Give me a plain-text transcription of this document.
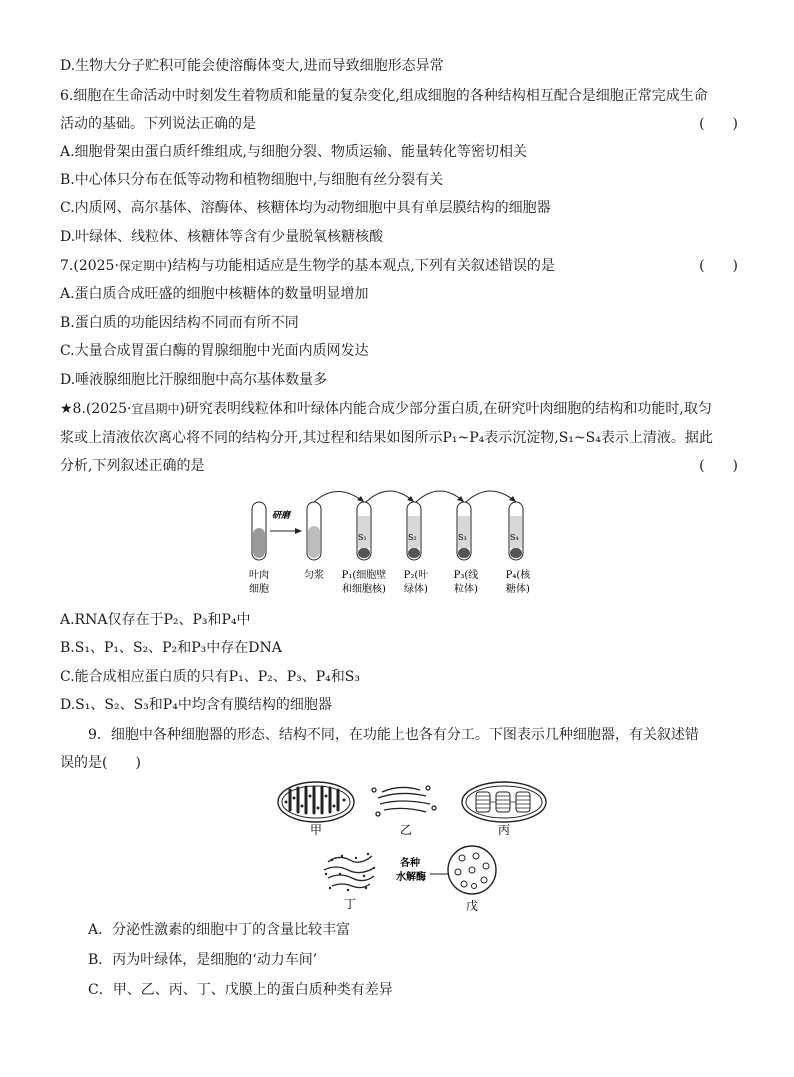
D.生物大分子贮积可能会使溶酶体变大,进而导致细胞形态异常
6.细胞在生命活动中时刻发生着物质和能量的复杂变化,组成细胞的各种结构相互配合是细胞正常完成生命
活动的基础。下列说法正确的是	(　　)
A.细胞骨架由蛋白质纤维组成,与细胞分裂、物质运输、能量转化等密切相关
B.中心体只分布在低等动物和植物细胞中,与细胞有丝分裂有关
C.内质网、高尔基体、溶酶体、核糖体均为动物细胞中具有单层膜结构的细胞器
D.叶绿体、线粒体、核糖体等含有少量脱氧核糖核酸
7.(2025·保定期中)结构与功能相适应是生物学的基本观点,下列有关叙述错误的是	(　　)
A.蛋白质合成旺盛的细胞中核糖体的数量明显增加
B.蛋白质的功能因结构不同而有所不同
C.大量合成胃蛋白酶的胃腺细胞中光面内质网发达
D.唾液腺细胞比汗腺细胞中高尔基体数量多
★8.(2025·宜昌期中)研究表明线粒体和叶绿体内能合成少部分蛋白质,在研究叶肉细胞的结构和功能时,取匀
浆或上清液依次离心将不同的结构分开,其过程和结果如图所示P₁~P₄表示沉淀物,S₁~S₄表示上清液。据此
分析,下列叙述正确的是	(　　)
研磨
S₁	S₂	S₃	S₄
叶肉
细胞
匀浆 P₁(细胞壁
和细胞核)
P₂(叶
绿体)
P₃(线
粒体)
P₄(核
糖体)
A.RNA仅存在于P₂、P₃和P₄中
B.S₁、P₁、S₂、P₂和P₃中存在DNA
C.能合成相应蛋白质的只有P₁、P₂、P₃、P₄和S₃
D.S₁、S₂、S₃和P₄中均含有膜结构的细胞器
9．细胞中各种细胞器的形态、结构不同，在功能上也各有分工。下图表示几种细胞器，有关叙述错
误的是(　　)
甲	乙	丙
丁
各种
水解酶
戊
A．分泌性激素的细胞中丁的含量比较丰富
B．丙为叶绿体，是细胞的‘动力车间’
C．甲、乙、丙、丁、戊膜上的蛋白质种类有差异
